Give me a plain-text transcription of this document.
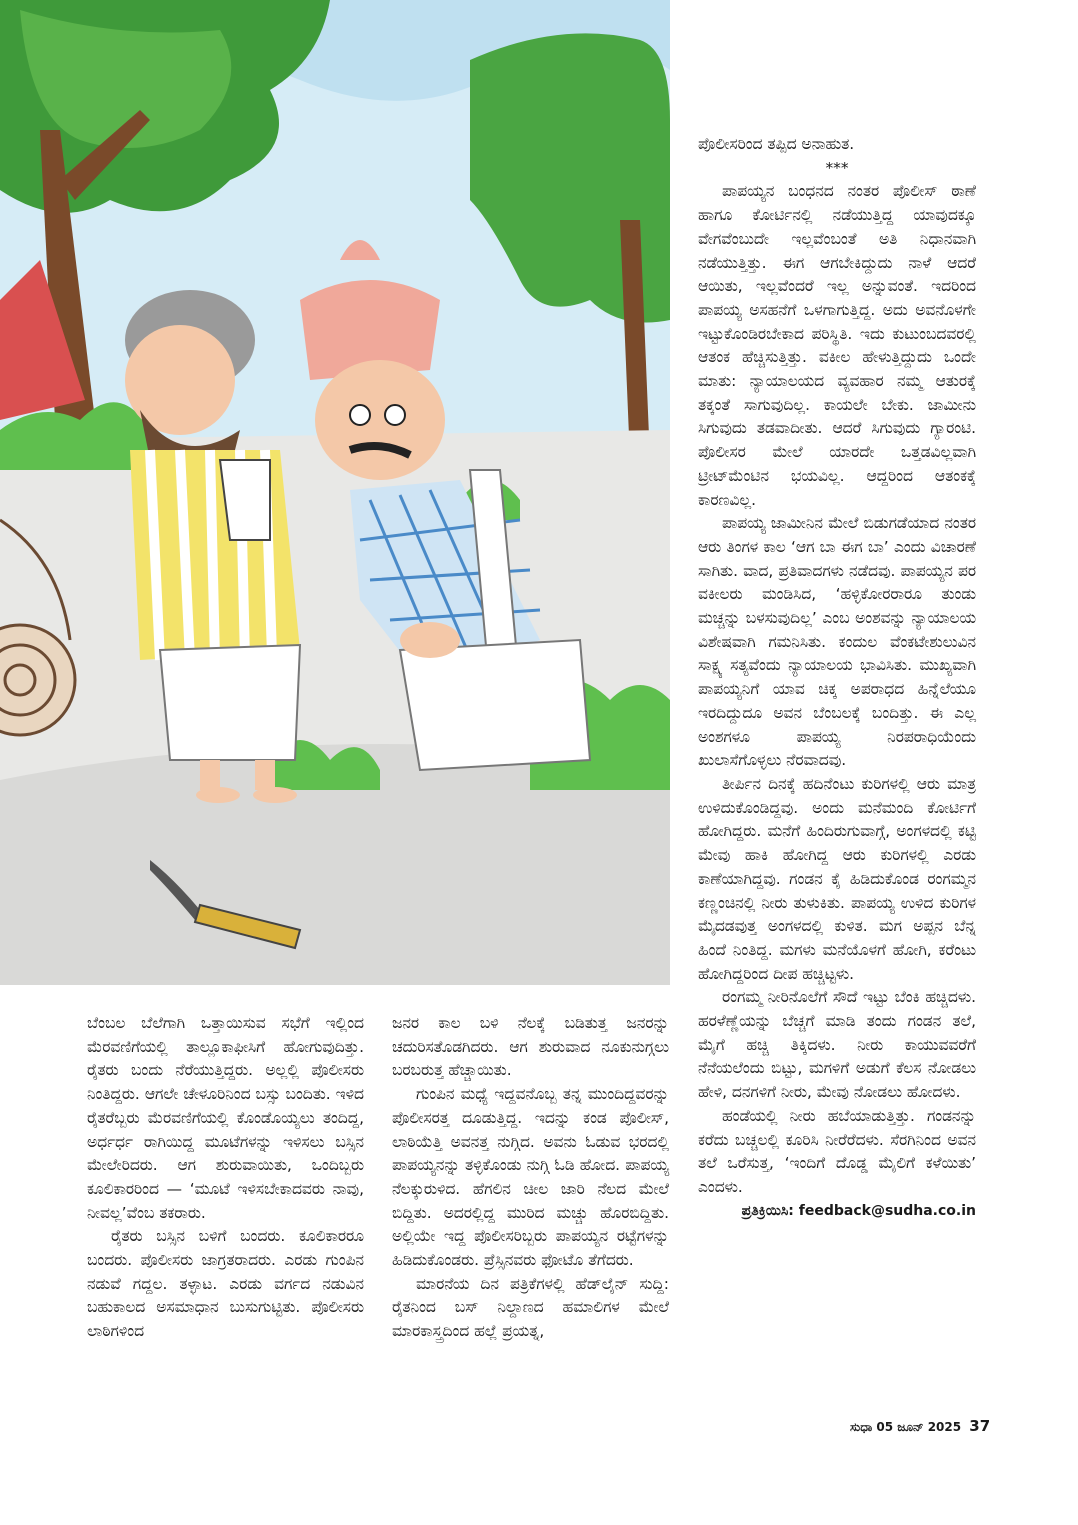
ಪೊಲೀಸರಿಂದ ತಪ್ಪಿದ ಅನಾಹುತ.

***

ಪಾಪಯ್ಯನ ಬಂಧನದ ನಂತರ ಪೊಲೀಸ್ ಠಾಣೆ ಹಾಗೂ ಕೋರ್ಟಿನಲ್ಲಿ ನಡೆಯುತ್ತಿದ್ದ ಯಾವುದಕ್ಕೂ ವೇಗವೆಂಬುದೇ ಇಲ್ಲವೆಂಬಂತೆ ಅತಿ ನಿಧಾನವಾಗಿ ನಡೆಯುತ್ತಿತ್ತು. ಈಗ ಆಗಬೇಕಿದ್ದುದು ನಾಳೆ ಆದರೆ ಆಯಿತು, ಇಲ್ಲವೆಂದರೆ ಇಲ್ಲ ಅನ್ನುವಂತೆ. ಇದರಿಂದ ಪಾಪಯ್ಯ ಅಸಹನೆಗೆ ಒಳಗಾಗುತ್ತಿದ್ದ. ಅದು ಅವನೊಳಗೇ ಇಟ್ಟುಕೊಂಡಿರಬೇಕಾದ ಪರಿಸ್ಥಿತಿ. ಇದು ಕುಟುಂಬದವರಲ್ಲಿ ಆತಂಕ ಹೆಚ್ಚಿಸುತ್ತಿತ್ತು. ವಕೀಲ ಹೇಳುತ್ತಿದ್ದುದು ಒಂದೇ ಮಾತು: ನ್ಯಾಯಾಲಯದ ವ್ಯವಹಾರ ನಮ್ಮ ಆತುರಕ್ಕೆ ತಕ್ಕಂತೆ ಸಾಗುವುದಿಲ್ಲ. ಕಾಯಲೇ ಬೇಕು. ಜಾಮೀನು ಸಿಗುವುದು ತಡವಾದೀತು. ಆದರೆ ಸಿಗುವುದು ಗ್ಯಾರಂಟಿ. ಪೊಲೀಸರ ಮೇಲೆ ಯಾರದೇ ಒತ್ತಡವಿಲ್ಲವಾಗಿ ಟ್ರೀಟ್‌ಮೆಂಟಿನ ಭಯವಿಲ್ಲ. ಆದ್ದರಿಂದ ಆತಂಕಕ್ಕೆ ಕಾರಣವಿಲ್ಲ.

ಪಾಪಯ್ಯ ಜಾಮೀನಿನ ಮೇಲೆ ಬಿಡುಗಡೆಯಾದ ನಂತರ ಆರು ತಿಂಗಳ ಕಾಲ ‘ಆಗ ಬಾ ಈಗ ಬಾ’ ಎಂದು ವಿಚಾರಣೆ ಸಾಗಿತು. ವಾದ, ಪ್ರತಿವಾದಗಳು ನಡೆದವು. ಪಾಪಯ್ಯನ ಪರ ವಕೀಲರು ಮಂಡಿಸಿದ, ‘ಹಳ್ಳಿಕೋರರಾರೂ ತುಂಡು ಮಚ್ಚನ್ನು ಬಳಸುವುದಿಲ್ಲ’ ಎಂಬ ಅಂಶವನ್ನು ನ್ಯಾಯಾಲಯ ವಿಶೇಷವಾಗಿ ಗಮನಿಸಿತು. ಕಂದುಲ ವೆಂಕಟೇಶುಲುವಿನ ಸಾಕ್ಷ್ಯ ಸತ್ಯವೆಂದು ನ್ಯಾಯಾಲಯ ಭಾವಿಸಿತು. ಮುಖ್ಯವಾಗಿ ಪಾಪಯ್ಯನಿಗೆ ಯಾವ ಚಿಕ್ಕ ಅಪರಾಧದ ಹಿನ್ನೆಲೆಯೂ ಇರದಿದ್ದುದೂ ಅವನ ಬೆಂಬಲಕ್ಕೆ ಬಂದಿತ್ತು. ಈ ಎಲ್ಲ ಅಂಶಗಳೂ ಪಾಪಯ್ಯ ನಿರಪರಾಧಿಯೆಂದು ಖುಲಾಸೆಗೊಳ್ಳಲು ನೆರವಾದವು.

ತೀರ್ಪಿನ ದಿನಕ್ಕೆ ಹದಿನೆಂಟು ಕುರಿಗಳಲ್ಲಿ ಆರು ಮಾತ್ರ ಉಳಿದುಕೊಂಡಿದ್ದವು. ಅಂದು ಮನೆಮಂದಿ ಕೋರ್ಟಿಗೆ ಹೋಗಿದ್ದರು. ಮನೆಗೆ ಹಿಂದಿರುಗುವಾಗ್ಗೆ, ಅಂಗಳದಲ್ಲಿ ಕಟ್ಟಿ ಮೇವು ಹಾಕಿ ಹೋಗಿದ್ದ ಆರು ಕುರಿಗಳಲ್ಲಿ ಎರಡು ಕಾಣೆಯಾಗಿದ್ದವು. ಗಂಡನ ಕೈ ಹಿಡಿದುಕೊಂಡ ರಂಗಮ್ಮನ ಕಣ್ಣಂಚಿನಲ್ಲಿ ನೀರು ತುಳುಕಿತು. ಪಾಪಯ್ಯ ಉಳಿದ ಕುರಿಗಳ ಮೈದಡವುತ್ತ ಅಂಗಳದಲ್ಲಿ ಕುಳಿತ. ಮಗ ಅಪ್ಪನ ಬೆನ್ನ ಹಿಂದೆ ನಿಂತಿದ್ದ. ಮಗಳು ಮನೆಯೊಳಗೆ ಹೋಗಿ, ಕರೆಂಟು ಹೋಗಿದ್ದರಿಂದ ದೀಪ ಹಚ್ಚಿಟ್ಟಳು.

ರಂಗಮ್ಮ ನೀರಿನೊಲೆಗೆ ಸೌದೆ ಇಟ್ಟು ಬೆಂಕಿ ಹಚ್ಚಿದಳು. ಹರಳೆಣ್ಣೆಯನ್ನು ಬೆಚ್ಚಗೆ ಮಾಡಿ ತಂದು ಗಂಡನ ತಲೆ, ಮೈಗೆ ಹಚ್ಚಿ ತಿಕ್ಕಿದಳು. ನೀರು ಕಾಯುವವರೆಗೆ ನೆನೆಯಲೆಂದು ಬಿಟ್ಟು, ಮಗಳಿಗೆ ಅಡುಗೆ ಕೆಲಸ ನೋಡಲು ಹೇಳಿ, ದನಗಳಿಗೆ ನೀರು, ಮೇವು ನೋಡಲು ಹೋದಳು.

ಹಂಡೆಯಲ್ಲಿ ನೀರು ಹಬೆಯಾಡುತ್ತಿತ್ತು. ಗಂಡನನ್ನು ಕರೆದು ಬಚ್ಚಲಲ್ಲಿ ಕೂರಿಸಿ ನೀರೆರೆದಳು. ಸೆರಗಿನಿಂದ ಅವನ ತಲೆ ಒರೆಸುತ್ತ, ‘ಇಂದಿಗೆ ದೊಡ್ಡ ಮೈಲಿಗೆ ಕಳೆಯಿತು’ ಎಂದಳು.

ಪ್ರತಿಕ್ರಿಯಿಸಿ: feedback@sudha.co.in

ಬೆಂಬಲ ಬೆಲೆಗಾಗಿ ಒತ್ತಾಯಿಸುವ ಸಭೆಗೆ ಇಲ್ಲಿಂದ ಮೆರವಣಿಗೆಯಲ್ಲಿ ತಾಲ್ಲೂಕಾಫೀಸಿಗೆ ಹೋಗುವುದಿತ್ತು. ರೈತರು ಬಂದು ನೆರೆಯುತ್ತಿದ್ದರು. ಅಲ್ಲಲ್ಲಿ ಪೊಲೀಸರು ನಿಂತಿದ್ದರು. ಆಗಲೇ ಚೇಳೂರಿನಿಂದ ಬಸ್ಸು ಬಂದಿತು. ಇಳಿದ ರೈತರೆಬ್ಬರು ಮೆರವಣಿಗೆಯಲ್ಲಿ ಕೊಂಡೊಯ್ಯಲು ತಂದಿದ್ದ, ಅರ್ಧರ್ಧ ರಾಗಿಯಿದ್ದ ಮೂಟೆಗಳನ್ನು ಇಳಿಸಲು ಬಸ್ಸಿನ ಮೇಲೇರಿದರು. ಆಗ ಶುರುವಾಯಿತು, ಒಂದಿಬ್ಬರು ಕೂಲಿಕಾರರಿಂದ — ‘ಮೂಟೆ ಇಳಿಸಬೇಕಾದವರು ನಾವು, ನೀವಲ್ಲ’ವೆಂಬ ತಕರಾರು.

ರೈತರು ಬಸ್ಸಿನ ಬಳಿಗೆ ಬಂದರು. ಕೂಲಿಕಾರರೂ ಬಂದರು. ಪೊಲೀಸರು ಜಾಗ್ರತರಾದರು. ಎರಡು ಗುಂಪಿನ ನಡುವೆ ಗದ್ದಲ. ತಳ್ಳಾಟ. ಎರಡು ವರ್ಗದ ನಡುವಿನ ಬಹುಕಾಲದ ಅಸಮಾಧಾನ ಬುಸುಗುಟ್ಟಿತು. ಪೊಲೀಸರು ಲಾಠಿಗಳಿಂದ

ಜನರ ಕಾಲ ಬಳಿ ನೆಲಕ್ಕೆ ಬಡಿತುತ್ತ ಜನರನ್ನು ಚದುರಿಸತೊಡಗಿದರು. ಆಗ ಶುರುವಾದ ನೂಕುನುಗ್ಗಲು ಬರಬರುತ್ತ ಹೆಚ್ಚಾಯಿತು.

ಗುಂಪಿನ ಮಧ್ಯೆ ಇದ್ದವನೊಬ್ಬ ತನ್ನ ಮುಂದಿದ್ದವರನ್ನು ಪೊಲೀಸರತ್ತ ದೂಡುತ್ತಿದ್ದ. ಇದನ್ನು ಕಂಡ ಪೊಲೀಸ್, ಲಾಠಿಯೆತ್ತಿ ಅವನತ್ತ ನುಗ್ಗಿದ. ಅವನು ಓಡುವ ಭರದಲ್ಲಿ ಪಾಪಯ್ಯನನ್ನು ತಳ್ಳಿಕೊಂಡು ನುಗ್ಗಿ ಓಡಿ ಹೋದ. ಪಾಪಯ್ಯ ನೆಲಕ್ಕುರುಳಿದ. ಹೆಗಲಿನ ಚೀಲ ಜಾರಿ ನೆಲದ ಮೇಲೆ ಬಿದ್ದಿತು. ಅದರಲ್ಲಿದ್ದ ಮುರಿದ ಮಚ್ಚು ಹೊರಬಿದ್ದಿತು. ಅಲ್ಲಿಯೇ ಇದ್ದ ಪೊಲೀಸರಿಬ್ಬರು ಪಾಪಯ್ಯನ ರಟ್ಟೆಗಳನ್ನು ಹಿಡಿದುಕೊಂಡರು. ಪ್ರೆಸ್ಸಿನವರು ಫೋಟೊ ತೆಗೆದರು.

ಮಾರನೆಯ ದಿನ ಪತ್ರಿಕೆಗಳಲ್ಲಿ ಹೆಡ್‌ಲೈನ್ ಸುದ್ದಿ: ರೈತನಿಂದ ಬಸ್ ನಿಲ್ದಾಣದ ಹಮಾಲಿಗಳ ಮೇಲೆ ಮಾರಕಾಸ್ತ್ರದಿಂದ ಹಲ್ಲೆ ಪ್ರಯತ್ನ,

ಸುಧಾ 05 ಜೂನ್ 2025 37
